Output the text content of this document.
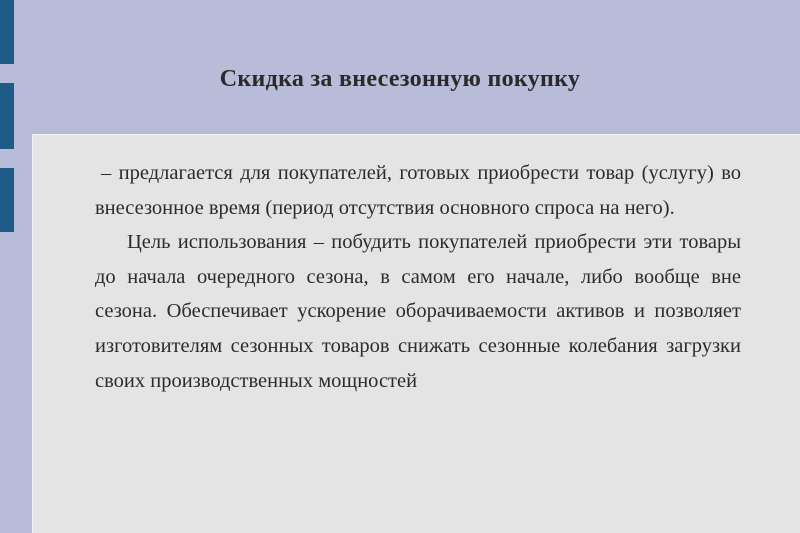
Скидка за внесезонную покупку

– предлагается для покупателей, готовых приобрести товар (услугу) во внесезонное время (период отсутствия основного спроса на него).

Цель использования – побудить покупателей приобрести эти товары до начала очередного сезона, в самом его начале, либо вообще вне сезона. Обеспечивает ускорение оборачиваемости активов и позволяет изготовителям сезонных товаров снижать сезонные колебания загрузки своих производственных мощностей
